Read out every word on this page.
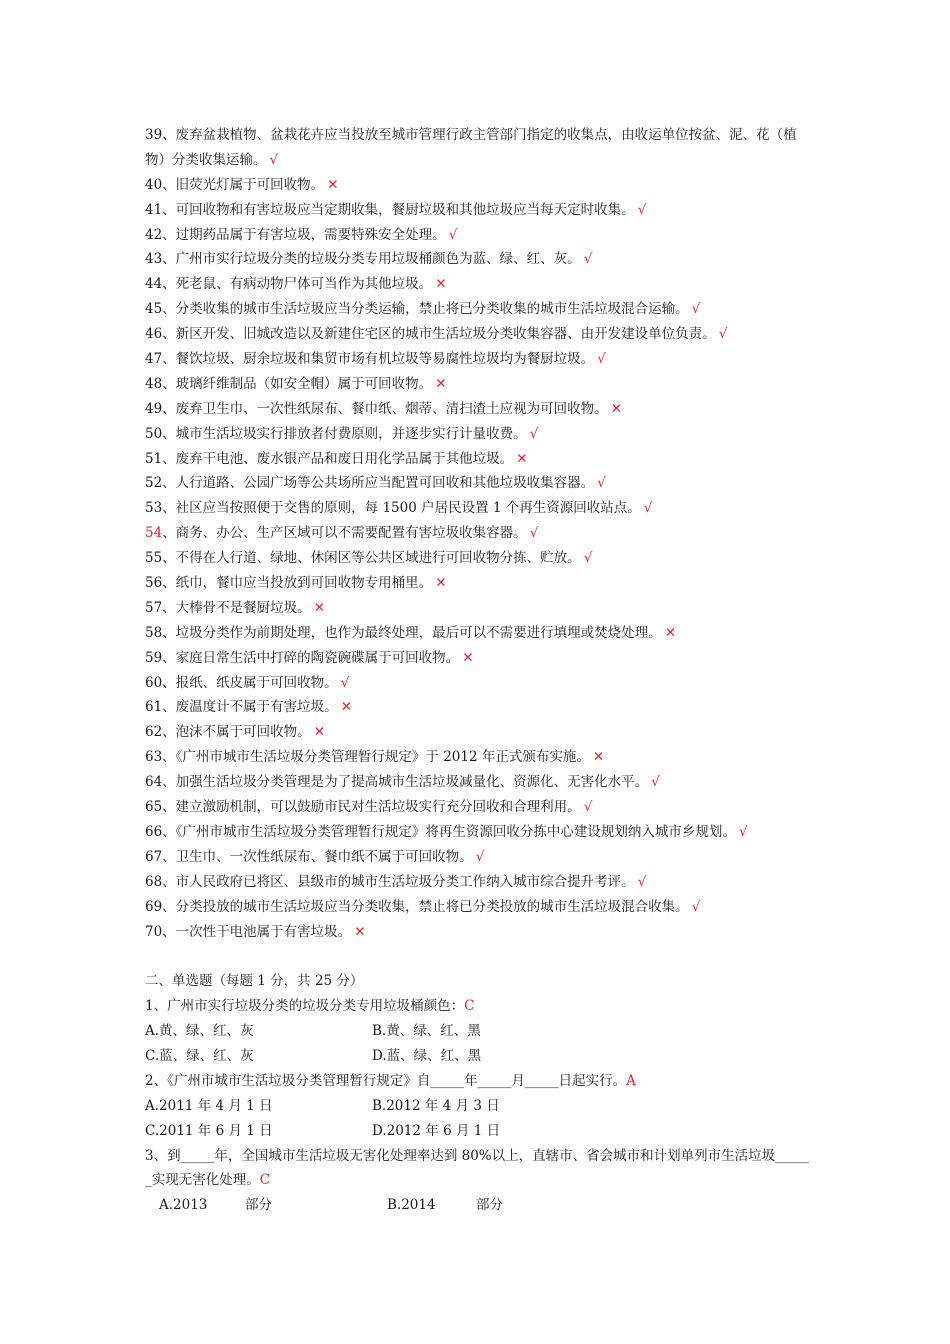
39、废弃盆栽植物、盆栽花卉应当投放至城市管理行政主管部门指定的收集点，由收运单位按盆、泥、花（植
物）分类收集运输。 √
40、旧荧光灯属于可回收物。 ✕
41、可回收物和有害垃圾应当定期收集，餐厨垃圾和其他垃圾应当每天定时收集。 √
42、过期药品属于有害垃圾，需要特殊安全处理。 √
43、广州市实行垃圾分类的垃圾分类专用垃圾桶颜色为蓝、绿、红、灰。 √
44、死老鼠、有病动物尸体可当作为其他垃圾。 ✕
45、分类收集的城市生活垃圾应当分类运输，禁止将已分类收集的城市生活垃圾混合运输。 √
46、新区开发、旧城改造以及新建住宅区的城市生活垃圾分类收集容器、由开发建设单位负责。 √
47、餐饮垃圾、厨余垃圾和集贸市场有机垃圾等易腐性垃圾均为餐厨垃圾。 √
48、玻璃纤维制品（如安全帽）属于可回收物。 ✕
49、废弃卫生巾、一次性纸尿布、餐巾纸、烟蒂、清扫渣土应视为可回收物。 ✕
50、城市生活垃圾实行排放者付费原则，并逐步实行计量收费。 √
51、废弃干电池、废水银产品和废日用化学品属于其他垃圾。 ✕
52、人行道路、公园广场等公共场所应当配置可回收和其他垃圾收集容器。 √
53、社区应当按照便于交售的原则，每 1500 户居民设置 1 个再生资源回收站点。 √
54、商务、办公、生产区域可以不需要配置有害垃圾收集容器。 √
55、不得在人行道、绿地、休闲区等公共区域进行可回收物分拣、贮放。 √
56、纸巾，餐巾应当投放到可回收物专用桶里。 ✕
57、大棒骨不是餐厨垃圾。 ✕
58、垃圾分类作为前期处理，也作为最终处理，最后可以不需要进行填埋或焚烧处理。 ✕
59、家庭日常生活中打碎的陶瓷碗碟属于可回收物。 ✕
60、报纸、纸皮属于可回收物。 √
61、废温度计不属于有害垃圾。 ✕
62、泡沫不属于可回收物。 ✕
63、《广州市城市生活垃圾分类管理暂行规定》于 2012 年正式颁布实施。 ✕
64、加强生活垃圾分类管理是为了提高城市生活垃圾减量化、资源化、无害化水平。 √
65、建立激励机制，可以鼓励市民对生活垃圾实行充分回收和合理利用。 √
66、《广州市城市生活垃圾分类管理暂行规定》将再生资源回收分拣中心建设规划纳入城市乡规划。 √
67、卫生巾、一次性纸尿布、餐巾纸不属于可回收物。 √
68、市人民政府已将区、县级市的城市生活垃圾分类工作纳入城市综合提升考评。 √
69、分类投放的城市生活垃圾应当分类收集，禁止将已分类投放的城市生活垃圾混合收集。 √
70、一次性干电池属于有害垃圾。 ✕
二、单选题（每题 1 分，共 25 分）
1、广州市实行垃圾分类的垃圾分类专用垃圾桶颜色：C
A.黄、绿、红、灰	B.黄、绿、红、黑
C.蓝、绿、红、灰	D.蓝、绿、红、黑
2、《广州市城市生活垃圾分类管理暂行规定》自_____年_____月_____日起实行。A
A.2011 年 4 月 1 日	B.2012 年 4 月 3 日
C.2011 年 6 月 1 日	D.2012 年 6 月 1 日
3、到_____年，全国城市生活垃圾无害化处理率达到 80%以上，直辖市、省会城市和计划单列市生活垃圾_____
_实现无害化处理。C
A.2013	部分	B.2014	部分
